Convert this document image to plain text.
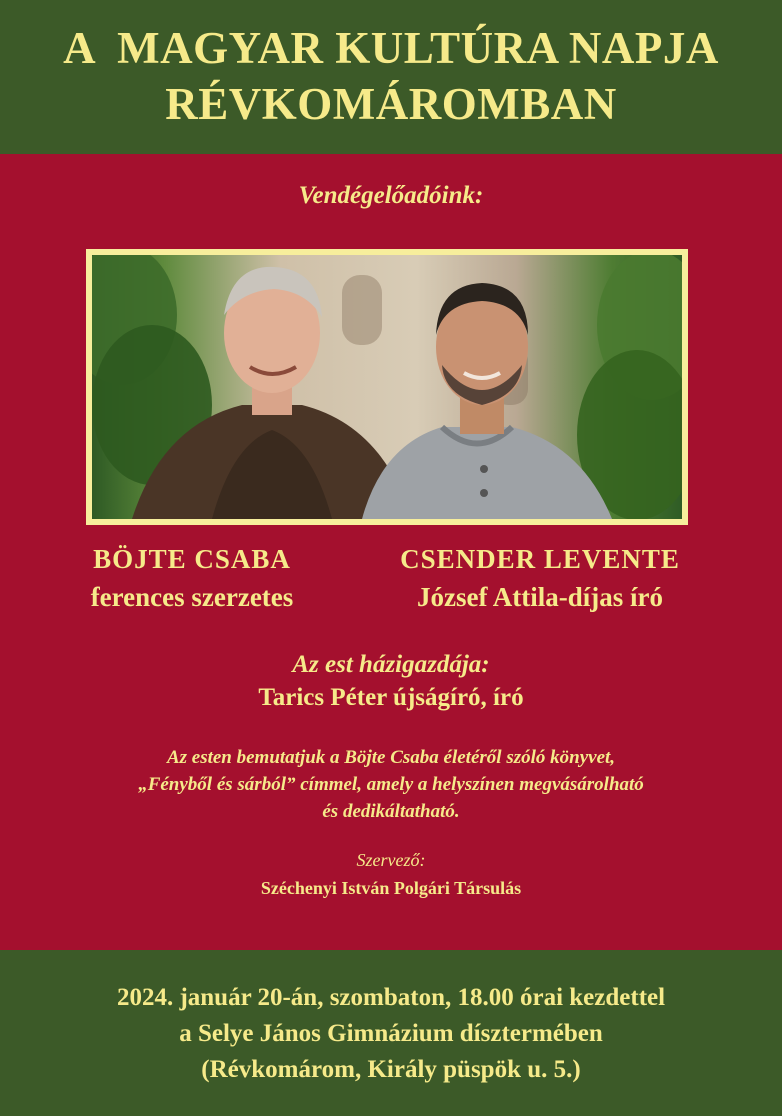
A  MAGYAR KULTÚRA NAPJA
RÉVKOMÁROMBAN
Vendégelőadóink:
BÖJTE CSABA
ferences szerzetes
CSENDER LEVENTE
József Attila-díjas író
Az est házigazdája:
Tarics Péter újságíró, író
Az esten bemutatjuk a Böjte Csaba életéről szóló könyvet,
„Fényből és sárból” címmel, amely a helyszínen megvásárolható
és dedikáltatható.
Szervező:
Széchenyi István Polgári Társulás
2024. január 20-án, szombaton, 18.00 órai kezdettel
a Selye János Gimnázium dísztermében
(Révkomárom, Király püspök u. 5.)
